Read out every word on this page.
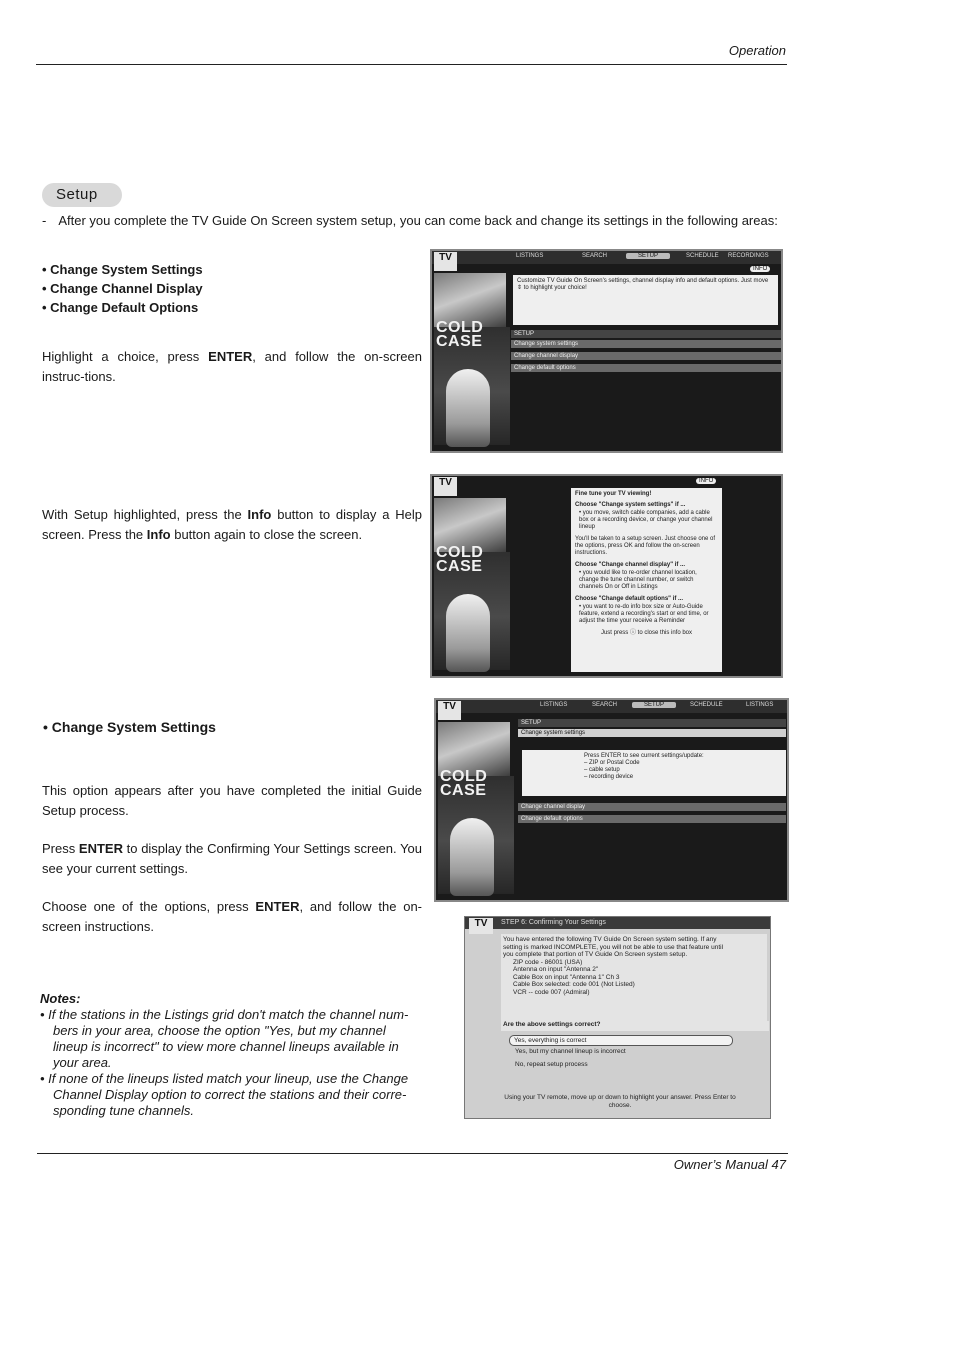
Operation
Setup
- After you complete the TV Guide On Screen system setup, you can come back and change its settings in the following areas:
• Change System Settings
• Change Channel Display
• Change Default Options
Highlight a choice, press ENTER, and follow the on-screen instruc-tions.
With Setup highlighted, press the Info button to display a Help screen. Press the Info button again to close the screen.
• Change System Settings
This option appears after you have completed the initial Guide Setup process.
Press ENTER to display the Confirming Your Settings screen. You see your current settings.
Choose one of the options, press ENTER, and follow the on-screen instructions.
Notes:
• If the stations in the Listings grid don't match the channel num-bers in your area, choose the option "Yes, but my channel lineup is incorrect" to view more channel lineups available in your area.
• If none of the lineups listed match your lineup, use the Change Channel Display option to correct the stations and their corre-sponding tune channels.
Owner’s Manual 47
LISTINGS	SEARCH	SETUP	SCHEDULE RECORDINGS
TV
COLD CASE
INFO
Customize TV Guide On Screen's settings, channel display info and default options. Just move ⇕ to highlight your choice!
SETUP
Change system settings
Change channel display
Change default options
TV
COLD CASE
INFO
Fine tune your TV viewing!
Choose "Change system settings" if ...
• you move, switch cable companies, add a cable box or a recording device, or change your channel lineup
You'll be taken to a setup screen. Just choose one of the options, press OK and follow the on-screen instructions.
Choose "Change channel display" if ...
• you would like to re-order channel location, change the tune channel number, or switch channels On or Off in Listings
Choose "Change default options" if ...
• you want to re-do info box size or Auto-Guide feature, extend a recording's start or end time, or adjust the time your receive a Reminder
Just press ⓘ to close this info box
LISTINGS	SEARCH	SETUP	SCHEDULE	LISTINGS
TV
COLD CASE
SETUP
Change system settings
Press ENTER to see current settings/update:
– ZIP or Postal Code
– cable setup
– recording device
Change channel display
Change default options
STEP 6: Confirming Your Settings
TV
You have entered the following TV Guide On Screen system setting. If any
setting is marked INCOMPLETE, you will not be able to use that feature until
you complete that portion of TV Guide On Screen system setup.
ZIP code - 86001 (USA)
Antenna on input "Antenna 2"
Cable Box on input "Antenna 1" Ch 3
Cable Box selected: code 001 (Not Listed)
VCR -- code 007 (Admiral)
Are the above settings correct?
Yes, everything is correct
Yes, but my channel lineup is incorrect
No, repeat setup process
Using your TV remote, move up or down to highlight your answer. Press Enter to choose.
